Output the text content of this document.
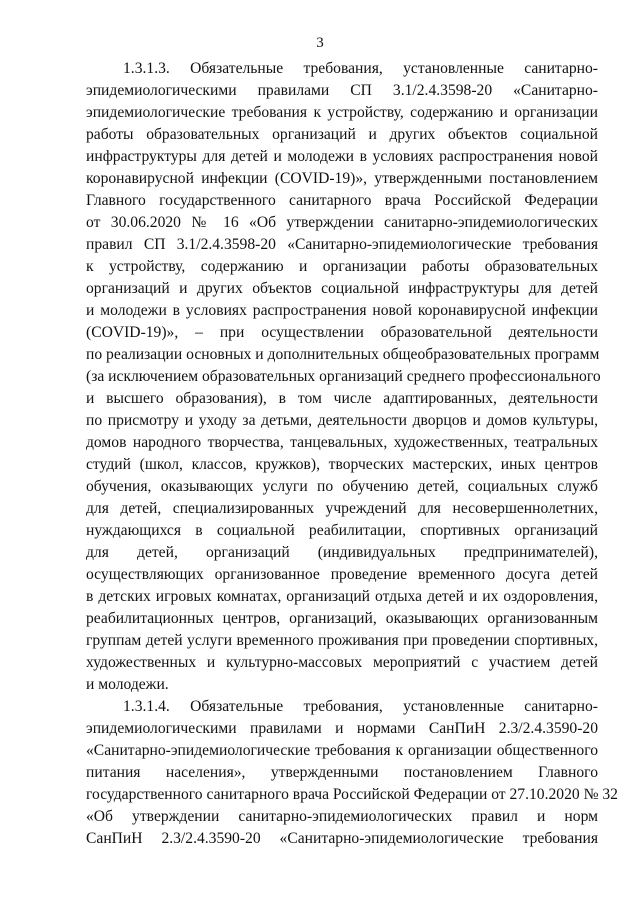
3
1.3.1.3. Обязательные требования, установленные санитарно-
эпидемиологическими правилами СП 3.1/2.4.3598-20 «Санитарно-
эпидемиологические требования к устройству, содержанию и организации
работы образовательных организаций и других объектов социальной
инфраструктуры для детей и молодежи в условиях распространения новой
коронавирусной инфекции (COVID-19)», утвержденными постановлением
Главного государственного санитарного врача Российской Федерации
от 30.06.2020 № 16 «Об утверждении санитарно-эпидемиологических
правил СП 3.1/2.4.3598-20 «Санитарно-эпидемиологические требования
к устройству, содержанию и организации работы образовательных
организаций и других объектов социальной инфраструктуры для детей
и молодежи в условиях распространения новой коронавирусной инфекции
(COVID-19)», – при осуществлении образовательной деятельности
по реализации основных и дополнительных общеобразовательных программ
(за исключением образовательных организаций среднего профессионального
и высшего образования), в том числе адаптированных, деятельности
по присмотру и уходу за детьми, деятельности дворцов и домов культуры,
домов народного творчества, танцевальных, художественных, театральных
студий (школ, классов, кружков), творческих мастерских, иных центров
обучения, оказывающих услуги по обучению детей, социальных служб
для детей, специализированных учреждений для несовершеннолетних,
нуждающихся в социальной реабилитации, спортивных организаций
для детей, организаций (индивидуальных предпринимателей),
осуществляющих организованное проведение временного досуга детей
в детских игровых комнатах, организаций отдыха детей и их оздоровления,
реабилитационных центров, организаций, оказывающих организованным
группам детей услуги временного проживания при проведении спортивных,
художественных и культурно-массовых мероприятий с участием детей
и молодежи.
1.3.1.4. Обязательные требования, установленные санитарно-
эпидемиологическими правилами и нормами СанПиН 2.3/2.4.3590-20
«Санитарно-эпидемиологические требования к организации общественного
питания населения», утвержденными постановлением Главного
государственного санитарного врача Российской Федерации от 27.10.2020 № 32
«Об утверждении санитарно-эпидемиологических правил и норм
СанПиН 2.3/2.4.3590-20 «Санитарно-эпидемиологические требования
